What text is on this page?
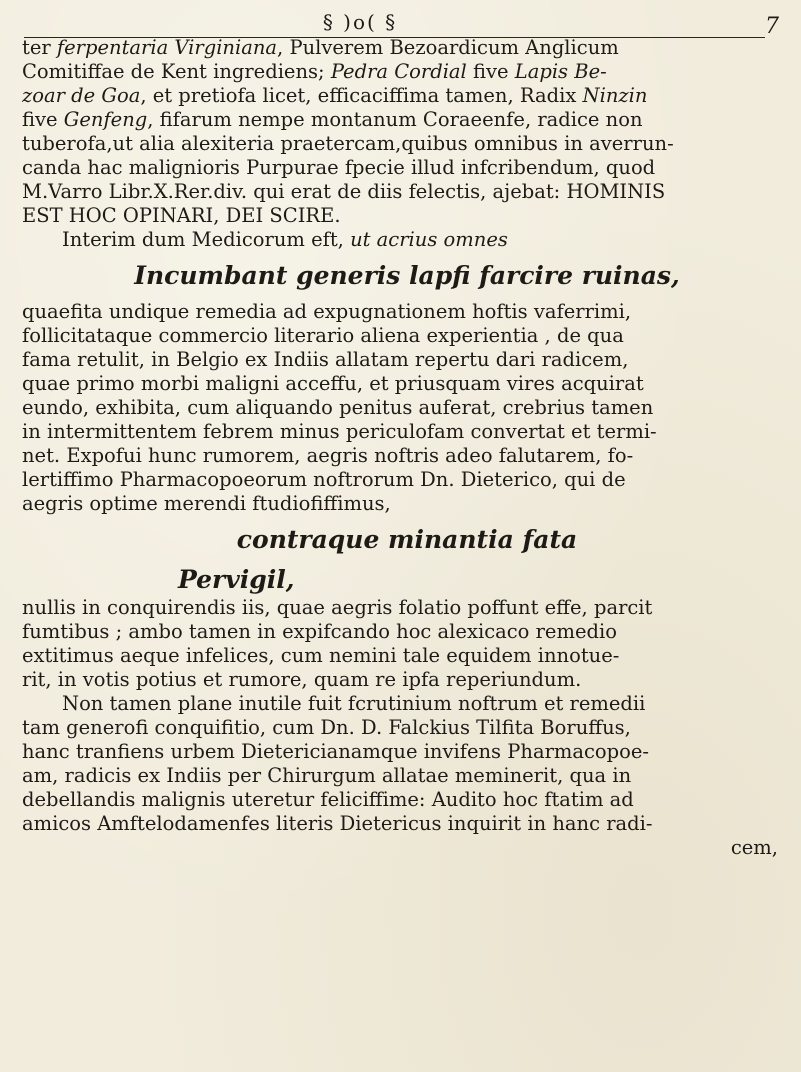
§ )o( §	7
ter ferpentaria Virginiana, Pulverem Bezoardicum Anglicum
Comitiffae de Kent ingrediens; Pedra Cordial five Lapis Be-
zoar de Goa, et pretiofa licet, efficaciffima tamen, Radix Ninzin
five Genfeng, fifarum nempe montanum Coraeenfe, radice non
tuberofa,ut alia alexiteria praetercam,quibus omnibus in averrun-
canda hac malignioris Purpurae fpecie illud infcribendum, quod
M.Varro Libr.X.Rer.div. qui erat de diis felectis, ajebat: HOMINIS
EST HOC OPINARI, DEI SCIRE.
Interim dum Medicorum eft, ut acrius omnes
Incumbant generis lapfi farcire ruinas,
quaefita undique remedia ad expugnationem hoftis vaferrimi,
follicitataque commercio literario aliena experientia , de qua
fama retulit, in Belgio ex Indiis allatam repertu dari radicem,
quae primo morbi maligni acceffu, et priusquam vires acquirat
eundo, exhibita, cum aliquando penitus auferat, crebrius tamen
in intermittentem febrem minus periculofam convertat et termi-
net. Expofui hunc rumorem, aegris noftris adeo falutarem, fo-
lertiffimo Pharmacopoeorum noftrorum Dn. Dieterico, qui de
aegris optime merendi ftudiofiffimus,
contraque minantia fata
Pervigil,
nullis in conquirendis iis, quae aegris folatio poffunt effe, parcit
fumtibus ; ambo tamen in expifcando hoc alexicaco remedio
extitimus aeque infelices, cum nemini tale equidem innotue-
rit, in votis potius et rumore, quam re ipfa reperiundum.
Non tamen plane inutile fuit fcrutinium noftrum et remedii
tam generofi conquifitio, cum Dn. D. Falckius Tilfita Boruffus,
hanc tranfiens urbem Dietericianamque invifens Pharmacopoe-
am, radicis ex Indiis per Chirurgum allatae meminerit, qua in
debellandis malignis uteretur feliciffime: Audito hoc ftatim ad
amicos Amftelodamenfes literis Dietericus inquirit in hanc radi-
cem,
